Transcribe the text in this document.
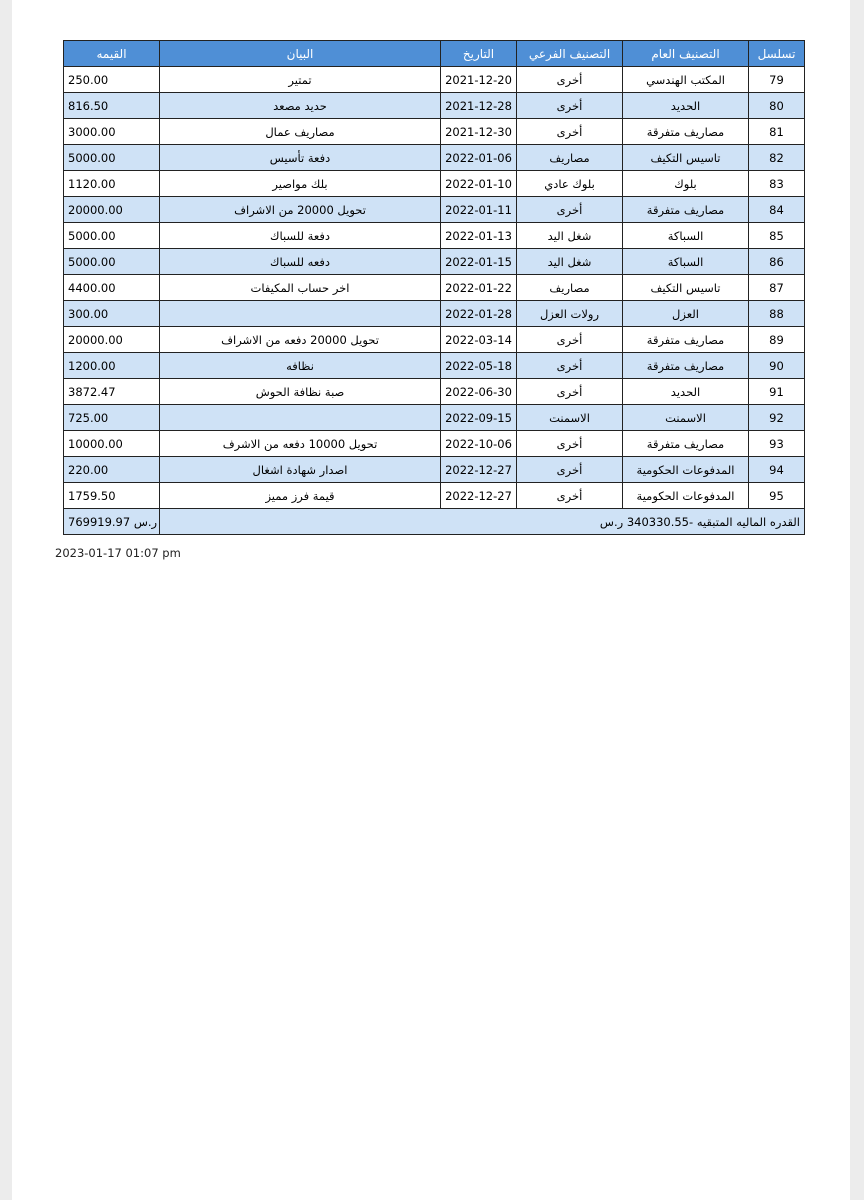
تسلسل	التصنيف العام	التصنيف الفرعي	التاريخ	البيان	القيمه
79	المكتب الهندسي	أخرى	2021-12-20	تمتير	250.00
80	الحديد	أخرى	2021-12-28	حديد مصعد	816.50
81	مصاريف متفرقة	أخرى	2021-12-30	مصاريف عمال	3000.00
82	تاسيس التكيف	مصاريف	2022-01-06	دفعة تأسيس	5000.00
83	بلوك	بلوك عادي	2022-01-10	بلك مواصير	1120.00
84	مصاريف متفرقة	أخرى	2022-01-11	تحويل 20000 من الاشراف	20000.00
85	السباكة	شغل اليد	2022-01-13	دفعة للسباك	5000.00
86	السباكة	شغل اليد	2022-01-15	دفعه للسباك	5000.00
87	تاسيس التكيف	مصاريف	2022-01-22	اخر حساب المكيفات	4400.00
88	العزل	رولات العزل	2022-01-28		300.00
89	مصاريف متفرقة	أخرى	2022-03-14	تحويل 20000 دفعه من الاشراف	20000.00
90	مصاريف متفرقة	أخرى	2022-05-18	نظافه	1200.00
91	الحديد	أخرى	2022-06-30	صبة نظافة الحوش	3872.47
92	الاسمنت	الاسمنت	2022-09-15		725.00
93	مصاريف متفرقة	أخرى	2022-10-06	تحويل 10000 دفعه من الاشرف	10000.00
94	المدفوعات الحكومية	أخرى	2022-12-27	اصدار شهادة اشغال	220.00
95	المدفوعات الحكومية	أخرى	2022-12-27	قيمة فرز مميز	1759.50
القدره الماليه المتبقيه -340330.55 ر.س					769919.97 ر.س
2023-01-17 01:07 pm
